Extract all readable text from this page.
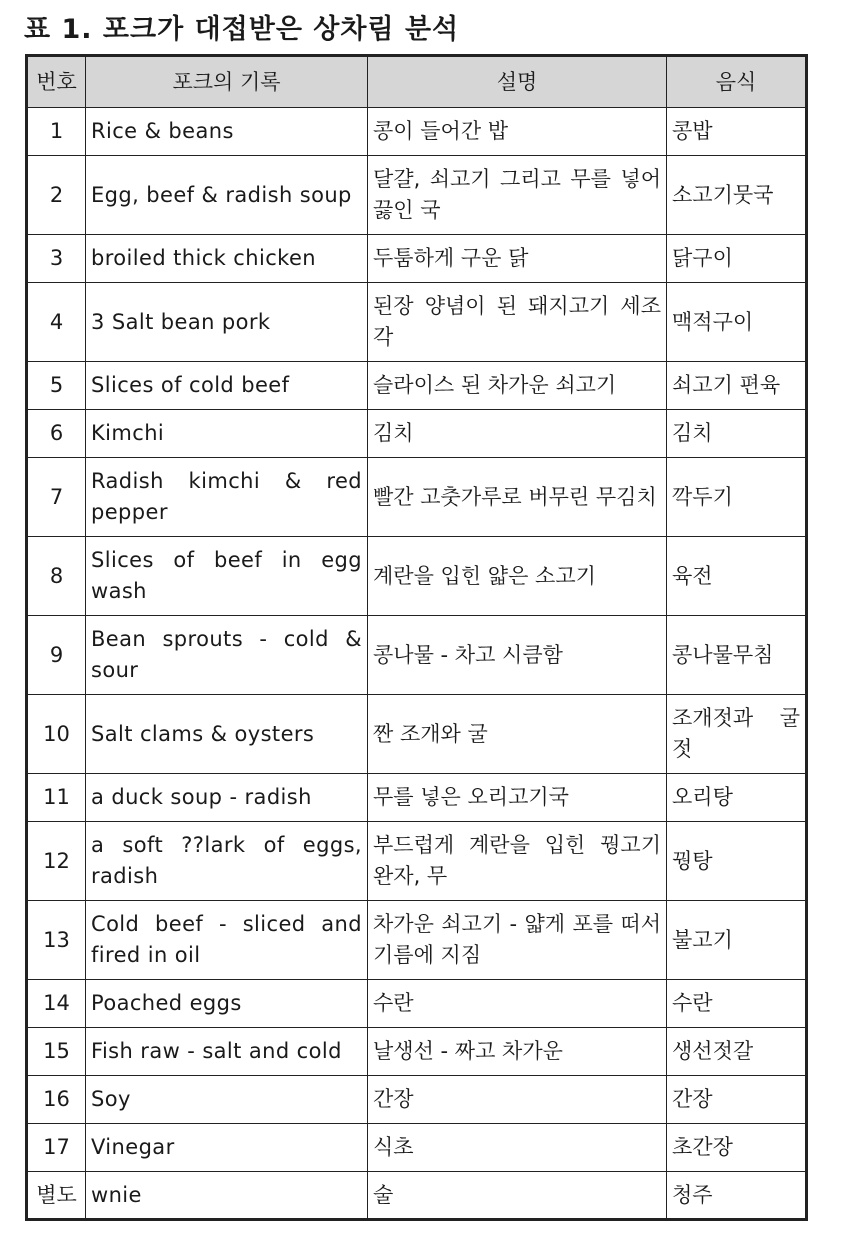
표 1. 포크가 대접받은 상차림 분석
번호	포크의 기록	설명	음식
1	Rice & beans	콩이 들어간 밥	콩밥
2	Egg, beef & radish soup	달걀, 쇠고기 그리고 무를 넣어 끓인 국	소고기뭇국
3	broiled thick chicken	두툼하게 구운 닭	닭구이
4	3 Salt bean pork	된장 양념이 된 돼지고기 세조각	맥적구이
5	Slices of cold beef	슬라이스 된 차가운 쇠고기	쇠고기 편육
6	Kimchi	김치	김치
7	Radish kimchi & red pepper	빨간 고춧가루로 버무린 무김치	깍두기
8	Slices of beef in egg wash	계란을 입힌 얇은 소고기	육전
9	Bean sprouts - cold & sour	콩나물 - 차고 시큼함	콩나물무침
10	Salt clams & oysters	짠 조개와 굴	조개젓과 굴젓
11	a duck soup - radish	무를 넣은 오리고기국	오리탕
12	a soft ??lark of eggs, radish	부드럽게 계란을 입힌 꿩고기 완자, 무	꿩탕
13	Cold beef - sliced and fired in oil	차가운 쇠고기 - 얇게 포를 떠서 기름에 지짐	불고기
14	Poached eggs	수란	수란
15	Fish raw - salt and cold	날생선 - 짜고 차가운	생선젓갈
16	Soy	간장	간장
17	Vinegar	식초	초간장
별도	wnie	술	청주
